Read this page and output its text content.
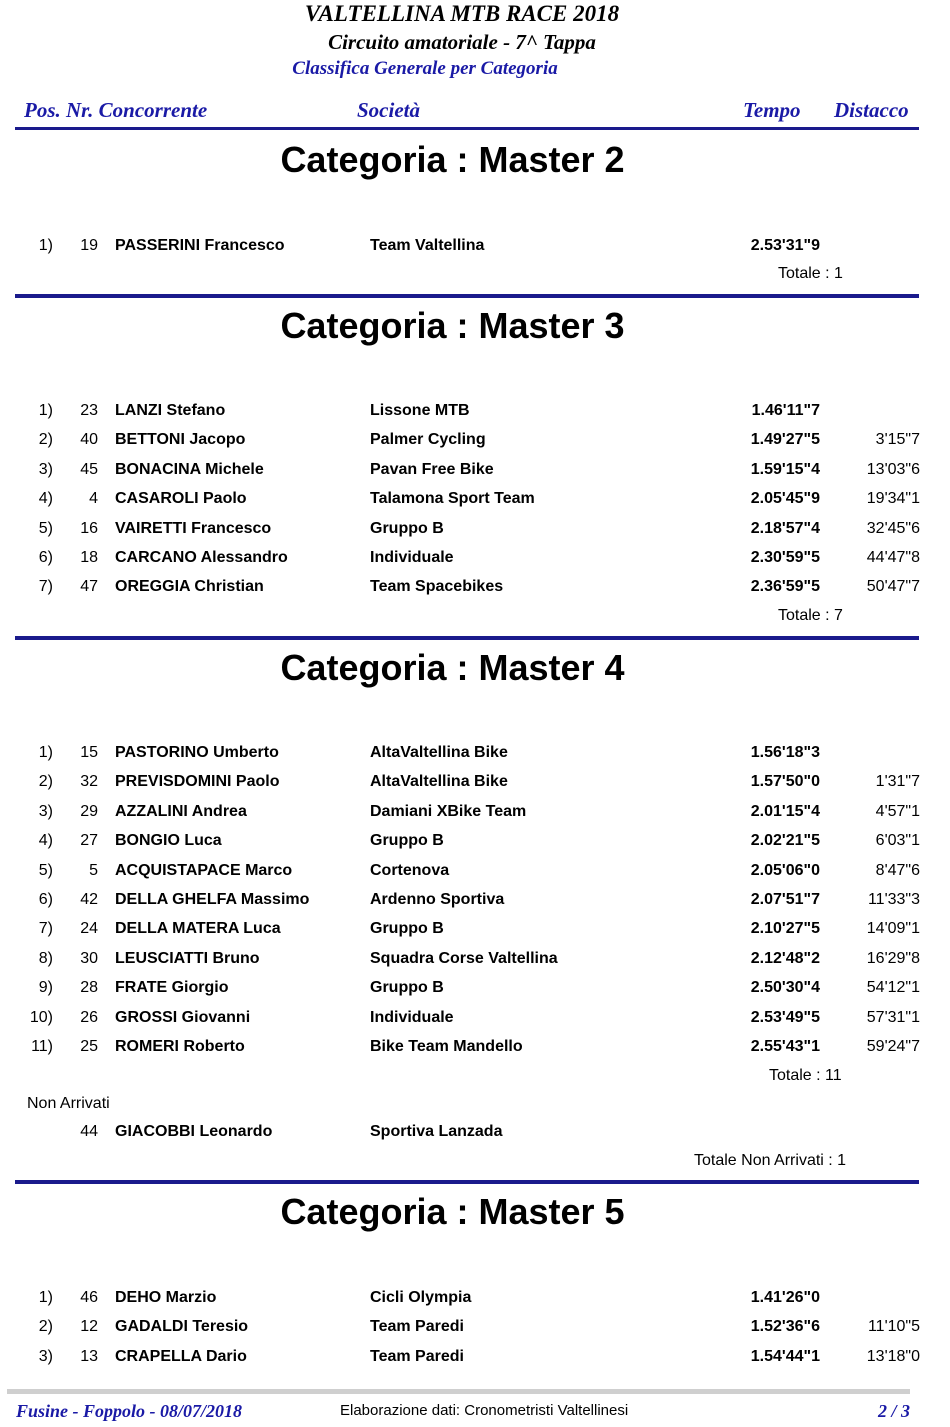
VALTELLINA MTB RACE 2018
Circuito amatoriale - 7^ Tappa
Classifica Generale per Categoria
Pos. Nr. Concorrente	Società	Tempo Distacco
Categoria : Master 2
1)	19 PASSERINI Francesco	Team Valtellina	2.53'31"9
Totale : 1
Categoria : Master 3
1)	23 LANZI Stefano	Lissone MTB	1.46'11"7
2)	40 BETTONI Jacopo	Palmer Cycling	1.49'27"5	3'15"7
3)	45 BONACINA Michele	Pavan Free Bike	1.59'15"4	13'03"6
4)	4 CASAROLI Paolo	Talamona Sport Team	2.05'45"9	19'34"1
5)	16 VAIRETTI Francesco	Gruppo B	2.18'57"4	32'45"6
6)	18 CARCANO Alessandro	Individuale	2.30'59"5	44'47"8
7)	47 OREGGIA Christian	Team Spacebikes	2.36'59"5	50'47"7
Totale : 7
Categoria : Master 4
1)	15 PASTORINO Umberto	AltaValtellina Bike	1.56'18"3
2)	32 PREVISDOMINI Paolo	AltaValtellina Bike	1.57'50"0	1'31"7
3)	29 AZZALINI Andrea	Damiani XBike Team	2.01'15"4	4'57"1
4)	27 BONGIO Luca	Gruppo B	2.02'21"5	6'03"1
5)	5 ACQUISTAPACE Marco	Cortenova	2.05'06"0	8'47"6
6)	42 DELLA GHELFA Massimo	Ardenno Sportiva	2.07'51"7	11'33"3
7)	24 DELLA MATERA Luca	Gruppo B	2.10'27"5	14'09"1
8)	30 LEUSCIATTI Bruno	Squadra Corse Valtellina	2.12'48"2	16'29"8
9)	28 FRATE Giorgio	Gruppo B	2.50'30"4	54'12"1
10)	26 GROSSI Giovanni	Individuale	2.53'49"5	57'31"1
11)	25 ROMERI Roberto	Bike Team Mandello	2.55'43"1	59'24"7
Totale : 11
Non Arrivati
44 GIACOBBI Leonardo	Sportiva Lanzada
Totale Non Arrivati : 1
Categoria : Master 5
1)	46 DEHO Marzio	Cicli Olympia	1.41'26"0
2)	12 GADALDI Teresio	Team Paredi	1.52'36"6	11'10"5
3)	13 CRAPELLA Dario	Team Paredi	1.54'44"1	13'18"0
Fusine - Foppolo - 08/07/2018	Elaborazione dati: Cronometristi Valtellinesi	2 / 3
